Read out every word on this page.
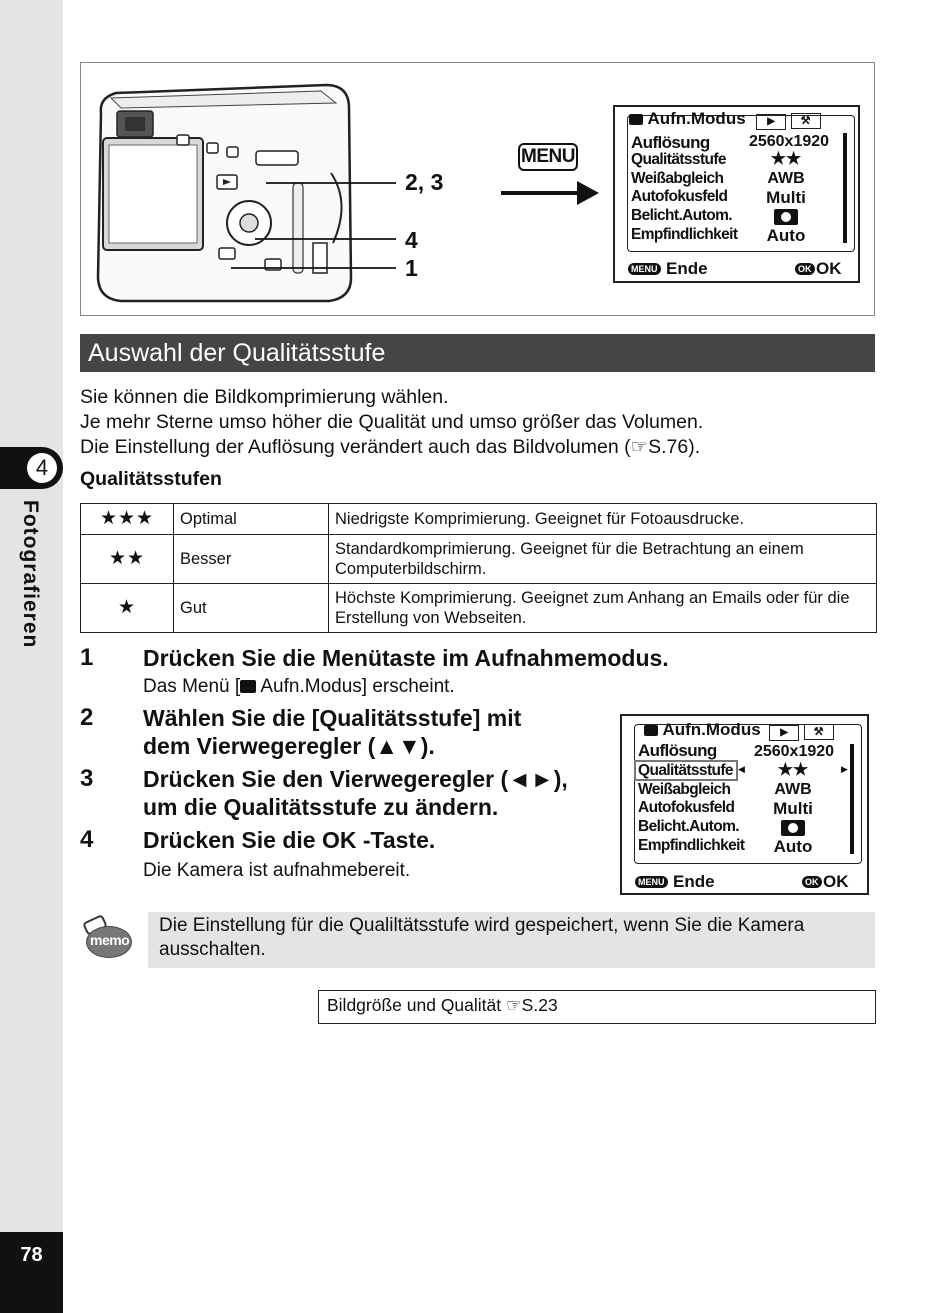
4
Fotografieren
78
2, 3
4
1
MENU
Aufn.Modus ▶ ⚒
Auflösung	2560x1920
Qualitätsstufe	★★
Weißabgleich	AWB
Autofokusfeld	Multi
Belicht.Autom.
Empfindlichkeit	Auto
MENU Ende	OK OK
Auswahl der Qualitätsstufe
Sie können die Bildkomprimierung wählen.
Je mehr Sterne umso höher die Qualität und umso größer das Volumen.
Die Einstellung der Auflösung verändert auch das Bildvolumen (☞S.76).
Qualitätsstufen
★★★	Optimal	Niedrigste Komprimierung. Geeignet für Fotoausdrucke.
★★	Besser	Standardkomprimierung. Geeignet für die Betrachtung an einem Computerbildschirm.
★	Gut	Höchste Komprimierung. Geeignet zum Anhang an Emails oder für die Erstellung von Webseiten.
1 Drücken Sie die Menütaste im Aufnahmemodus.
Das Menü [ Aufn.Modus] erscheint.
2 Wählen Sie die [Qualitätsstufe] mit
dem Vierwegeregler (▲▼).
3 Drücken Sie den Vierwegeregler (◄►),
um die Qualitätsstufe zu ändern.
4 Drücken Sie die OK -Taste.
Die Kamera ist aufnahmebereit.
Aufn.Modus ▶ ⚒
Auflösung	2560x1920
Qualitätsstufe ◀	★★	▶
Weißabgleich	AWB
Autofokusfeld	Multi
Belicht.Autom.
Empfindlichkeit	Auto
MENU Ende	OK OK
memo
Die Einstellung für die Qualiltätsstufe wird gespeichert, wenn Sie die Kamera ausschalten.
Bildgröße und Qualität ☞S.23
